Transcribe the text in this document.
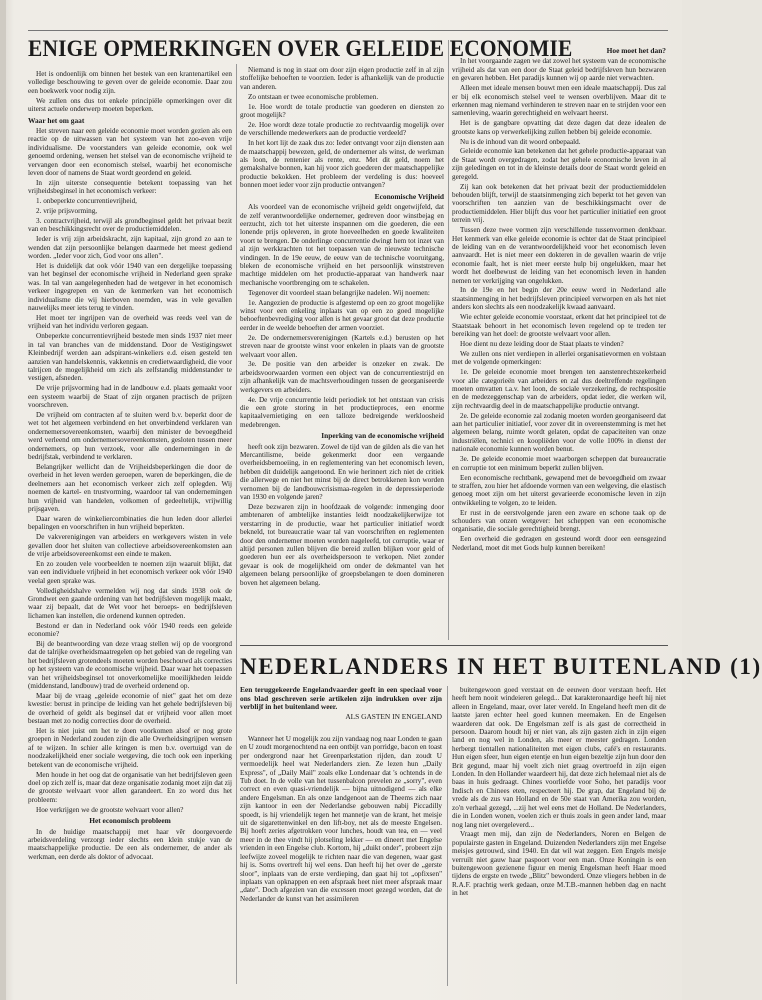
ENIGE OPMERKINGEN OVER GELEIDE ECONOMIE

Het is ondoenlijk om binnen het bestek van een krantenartikel een volledige beschouwing te geven over de geleide economie. Daar zou een boekwerk voor nodig zijn.

We zullen ons dus tot enkele principiële opmerkingen over dit uiterst actuele onderwerp moeten beperken.

Waar het om gaat

Het streven naar een geleide economie moet worden gezien als een reactie op de uitwassen van het systeem van het zoo-even vrije individualisme. De voorstanders van geleide economie, ook wel genoemd ordening, wensen het stelsel van de economische vrijheid te vervangen door een economisch stelsel, waarbij het economische leven door of namens de Staat wordt geordend en geleid.

In zijn uiterste consequentie betekent toepassing van het vrijheidsbeginsel in het economisch verkeer:

1. onbeperkte concurrentievrijheid,

2. vrije prijsvorming,

3. contractvrijheid, terwijl als grondbeginsel geldt het privaat bezit van en beschikkingsrecht over de productiemiddelen.

Ieder is vrij zijn arbeidskracht, zijn kapitaal, zijn grond zo aan te wenden dat zijn persoonlijke belangen daarmede het meest gediend worden. „Ieder voor zich, God voor ons allen".

Het is duidelijk dat ook vóór 1940 van een dergelijke toepassing van het beginsel der economische vrijheid in Nederland geen sprake was. In tal van aangelegenheden had de wetgever in het economisch verkeer ingegrepen en van de kenmerken van het economisch individualisme die wij hierboven noemden, was in vele gevallen nauwelijks meer iets terug te vinden.

Het moet ter ingrijpen van de overheid was reeds veel van de vrijheid van het individu verloren gegaan.

Onbeperkte concurrentievrijheid bestede men sinds 1937 niet meer in tal van branches van de middenstand. Door de Vestigingswet Kleinbedrijf werden aan adspirant-winkeliers e.d. eisen gesteld ten aanzien van handelskennis, vakkennis en credietwaardigheid, die voor talrijcen de mogelijkheid om zich als zelfstandig middenstander te vestigen, afsneden.

De vrije prijsvorming had in de landbouw e.d. plaats gemaakt voor een systeem waarbij de Staat of zijn organen practisch de prijzen voorschreven.

De vrijheid om contracten af te sluiten werd b.v. beperkt door de wet tot het algemeen verbindend en het onverbindend verklaren van ondernemersovereenkomsten, waarbij den minister de bevoegdheid werd verleend om ondernemersovereenkomsten, gesloten tussen meer ondernemers, op hun verzoek, voor alle ondernemingen in de bedrijfstak, verbindend te verklaren.

Belangrijker wellicht dan de Vrijheidsbeperkingen die door de overheid in het leven werden geroepen, waren de beperkingen, die de deelnemers aan het economisch verkeer zich zelf oplegden. Wij noemen de kartel- en trustvorming, waardoor tal van ondernemingen hun vrijheid van handelen, volkomen of gedeeltelijk, vrijwillig prijsgaven.

Daar waren de winkeliercombinaties die hun leden door allerlei bepalingen en voorschriften in hun vrijheid beperkten.

De vakverenigingen van arbeiders en werkgevers wisten in vele gevallen door het sluiten van collectieve arbeidsovereenkomsten aan de vrije arbeidsovereenkomst een einde te maken.

En zo zouden vele voorbeelden te noemen zijn waaruit blijkt, dat van een individuele vrijheid in het economisch verkeer ook vóór 1940 veelal geen sprake was.

Volledigheidshalve vermelden wij nog dat sinds 1938 ook de Grondwet een gaande ordening van het bedrijfsleven mogelijk maakt, waar zij bepaalt, dat de Wet voor het beroeps- en bedrijfsleven lichamen kan instellen, die ordenend kunnen optreden.

Bestond er dan in Nederland ook vóór 1940 reeds een geleide economie?

Bij de beantwoording van deze vraag stellen wij op de voorgrond dat de talrijke overheidsmaatregelen op het gebied van de regeling van het bedrijfsleven grotendeels moeten worden beschouwd als correcties op het systeem van de economische vrijheid. Daar waar het toepassen van het vrijheidsbeginsel tot onoverkomelijke moeilijkheden leidde (middenstand, landbouw) trad de overheid ordenend op.

Maar bij de vraag „geleide economie of niet" gaat het om deze kwestie: berust in principe de leiding van het gehele bedrijfsleven bij de overheid of geldt als beginsel dat er vrijheid voor allen moet bestaan met zo nodig correcties door de overheid.

Het is niet juist om het te doen voorkomen alsof er nog grote groepen in Nederland zouden zijn die alle Overheidsingrijpen wensen af te wijzen. In schier alle kringen is men b.v. overtuigd van de noodzakelijkheid ener sociale wetgeving, die toch ook een inperking betekent van de economische vrijheid.

Men houde in het oog dat de organisatie van het bedrijfsleven geen doel op zich zelf is, maar dat deze organisatie zodanig moet zijn dat zij de grootste welvaart voor allen garandeert. En zo word dus het probleem:

Hoe verkrijgen we de grootste welvaart voor allen?

Het economisch probleem

In de huidige maatschappij met haar vêr doorgevoerde arbeidsverdeling verzorgt ieder slechts een klein stukje van de maatschappelijke productie. De een als ondernemer, de ander als werkman, een derde als doktor of advocaat.

Niemand is nog in staat om door zijn eigen productie zelf in al zijn stoffelijke behoeften te voorzien. Ieder is afhankelijk van de productie van anderen.

Zo ontstaan er twee economische problemen.

1e. Hoe wordt de totale productie van goederen en diensten zo groot mogelijk?

2e. Hoe wordt deze totale productie zo rechtvaardig mogelijk over de verschillende medewerkers aan de productie verdeeld?

In het kort lijt de zaak dus zo: Ieder ontvangt voor zijn diensten aan de maatschappij bewezen, geld, de ondernemer als winst, de werkman als loon, de rentenier als rente, enz. Met dit geld, noem het gemakshalve bonnen, kan hij voor zich goederen der maatschappelijke productie bekokken. Het probleem der verdeling is dus: hoeveel bonnen moet ieder voor zijn productie ontvangen?

Economische Vrijheid

Als voordeel van de economische vrijheid geldt ongetwijfeld, dat de zelf verantwoordelijke ondernemer, gedreven door winstbejag en eerzucht, zich tot het uiterste inspannen om die goederen, die een lonende prijs opleveren, in grote hoeveelheden en goede kwaliteiten voort te brengen. De onderlinge concurrentie dwingt hem tot inzet van al zijn werkkrachten tot het toepassen van de nieuwste technische vindingen. In de 19e eeuw, de eeuw van de technische vooruitgang, bleken de economische vrijheid en het persoonlijk winststreven machtige middelen om het productie-apparaat van handwerk naar mechanische voortbrenging om te schakelen.

Tegenover dit voordeel staan belangrijke nadelen. Wij noemen:

1e. Aangezien de productie is afgestemd op een zo groot mogelijke winst voor een enkeling inplaats van op een zo goed mogelijke behoeftenbevrediging voor allen is het gevaar groot dat deze productie eerder in de weelde behoeften der armen voorziet.

2e. De ondernemersverenigingen (Kartels e.d.) berusten op het streven naar de grootste winst voor enkelen in plaats van de grootste welvaart voor allen.

3e. De positie van den arbeider is onzeker en zwak. De arbeidsvoorwaarden vormen een object van de concurrentiestrijd en zijn afhankelijk van de machtsverhoudingen tussen de georganiseerde werkgevers en arbeiders.

4e. De vrije concurrentie leidt periodiek tot het ontstaan van crisis die een grote storing in het productieproces, een enorme kapitaalvernietiging en een talloze bedreigende werkloosheid medebrengen.

Inperking van de economische vrijheid

heeft ook zijn bezwaren. Zowel de tijd van de gilden als die van het Mercantilisme, beide gekenmerkt door een vergaande overheidsbemoeiing, in en reglementering van het economisch leven, hebben dit duidelijk aangetoond. En wie herinnert zich niet de critiek die allerwege en niet het minst bij de direct betrokkenen kon worden vernomen bij de landbouwcrisismaa-regelen in de depressieperiode van 1930 en volgende jaren?

Deze bezwaren zijn in hoofdzaak de volgende: inmenging door ambtenaren of ambtelijke instanties leidt noodzakelijkerwijze tot verstarring in de productie, waar het particulier initiatief wordt bekneld, tot bureaucratie waar tal van voorschriften en reglementen door den ondernemer moeten worden nageleefd, tot corruptie, waar er altijd personen zullen blijven die bereid zullen blijken voor geld of goederen hun eer als overheidspersoon te verkopen. Niet zonder gevaar is ook de mogelijkheid om onder de dekmantel van het algemeen belang persoonlijke of groepsbelangen te doen domineren boven het algemeen belang.

Hoe moet het dan?

In het voorgaande zagen we dat zowel het systeem van de economische vrijheid als dat van een door de Staat geleid bedrijfsleven hun bezwaren en gevaren hebben. Het paradijs kunnen wij op aarde niet verwachten.

Alleen met ideale mensen bouwt men een ideale maatschappij. Dus zal er bij elk economisch stelsel veel te wensen overblijven. Maar dit te erkennen mag niemand verhinderen te streven naar en te strijden voor een samenleving, waarin gerechtigheid en welvaart heerst.

Het is de gangbare opvatting dat deze dagen dat deze idealen de grootste kans op verwerkelijking zullen hebben bij geleide economie.

Nu is de inhoud van dit woord onbepaald.

Geleide economie kan betekenen dat het gehele productie-apparaat van de Staat wordt overgedragen, zodat het gehele economische leven in al zijn geledingen en tot in de kleinste details door de Staat wordt geleid en geregeld.

Zij kan ook betekenen dat het privaat bezit der productiemiddelen behouden blijft, terwijl de staatsinmenging zich beperkt tot het geven van voorschriften ten aanzien van de beschikkingsmacht over de productiemiddelen. Hier blijft dus voor het particulier initiatief een groot terrein vrij.

Tussen deze twee vormen zijn verschillende tussenvormen denkbaar. Het kenmerk van elke geleide economie is echter dat de Staat principieel de leiding van en de verantwoordelijkheid voor het economisch leven aanvaardt. Het is niet meer een dokteren in de gevallen waarin de vrije economie faalt, het is niet meer eerste hulp bij ongelukken, maar het wordt het doelbewust de leiding van het economisch leven in handen nemen ter verkrijging van ongelukken.

In de 19e en het begin der 20e eeuw werd in Nederland alle staatsinmenging in het bedrijfsleven principieel verworpen en als het niet anders kon slechts als een noodzakelijk kwaad aanvaard.

Wie echter geleide economie voorstaat, erkent dat het principieel tot de Staatstaak behoort in het economisch leven regelend op te treden ter bereiking van het doel: de grootste welvaart voor allen.

Hoe dient nu deze leiding door de Staat plaats te vinden?

We zullen ons niet verdiepen in allerlei organisatievormen en volstaan met de volgende opmerkingen:

1e. De geleide economie moet brengen ten aanstenrechtszekerheid voor alle categorieën van arbeiders en zal dus deeltreffende regelingen moeten omvatten t.a.v. het loon, de sociale verzekering, de rechtspositie en de medezeggenschap van de arbeiders, opdat ieder, die werken wil, zijn rechtvaardig deel in de maatschappelijke productie ontvangt.

2e. De geleide economie zal zodanig moeten worden georganiseerd dat aan het particulier initiatief, voor zover dit in overeenstemming is met het algemeen belang, ruimte wordt gelaten, opdat de capaciteiten van onze industriëlen, technici en koopliëden voor de volle 100% in dienst der nationale economie kunnen worden benut.

3e. De geleide economie moet waarborgen scheppen dat bureaucratie en corruptie tot een minimum beperkt zullen blijven.

Een economische rechtbank, gewapend met de bevoegdheid om zwaar te straffen, zou hier het afdoende vormen van een welgeving, die elastisch genoeg moet zijn om het uiterst gevarieerde economische leven in zijn ontwikkeling te volgen, zo te leiden.

Er rust in de eerstvolgende jaren een zware en schone taak op de schouders van onzen wetgever: het scheppen van een economische organisatie, die sociale gerechtigheid brengt.

Een overheid die gedragen en gesteund wordt door een eensgezind Nederland, moet dit met Gods hulp kunnen bereiken!

NEDERLANDERS IN HET BUITENLAND (1)
Een teruggekeerde Engelandvaarder geeft in een speciaal voor ons blad geschreven serie artikelen zijn indrukken over zijn verblijf in het buitenland weer.
ALS GASTEN IN ENGELAND

Wanneer het U mogelijk zou zijn vandaag nog naar Londen te gaan en U zoudt morgenochtend na een ontbijt van porridge, bacon en toast per ondergrond naar het Greenparkstation rijden, dan zoudt U vermoedelijk heel wat Nederlanders zien. Ze lezen hun „Daily Express", of „Daily Mail" zoals elke Londenaar dat 's ochtends in de Tub doet. In de volle van het tussenbalcon prevelen ze „sorry", even correct en even quasi-vriendelijk — bijna uitnodigend — als elke andere Engelsman. En als onze landgenoot aan de Theems zich naar zijn kantoor in een der Nederlandse gebouwen nabij Piccadilly spoedt, is hij vriendelijk tegen het mannetje van de krant, het meisje uit de sigarettenwinkel en den lift-boy, net als de meeste Engelsen. Bij hoeft zeries afgetrokken voor lunches, houdt van tea, en — veel meer in de thee vindt hij plotseling lekker — en dineert met Engelse vrienden in een Engelse club. Kortom, hij „duikt onder", probeert zijn leefwijze zoveel mogelijk te richten naar die van degenen, waar gast hij is. Soms overtreft hij wel eens. Dan heeft hij het over de „gerste sloor", inplaats van de erste verdieping, dan gaat hij tot „opfixsen" inplaats van opknappen en een afspraak heet niet meer afspraak maar „date". Doch afgezien van die excessen moet gezegd worden, dat de Nederlander de kunst van het assimileren

buitengewoon goed verstaat en de eeuwen door verstaan heeft. Het heeft hem nooit windeieren gelegd... Dat karakteronaardige heeft hij niet alleen in Engeland, maar, over later vereld. In Engeland heeft men dit de laatste jaren echter heel goed kunnen meemaken. En de Engelsen waarderen dat ook. De Engelsman zelf is als gast de correctheid in persoon. Daarom houdt hij er niet van, als zijn gasten zich in zijn eigen land en nog wel in Londen, als meer er meester gedragen. Londen herbergt tientallen nationaliteiten met eigen clubs, café's en restaurants. Hun eigen sfeer, hun eigen etentje en hun eigen bezeltje zijn hun door den Brit gegund, maar hij voelt zich niet graag overtroefd in zijn eigen Londen. In den Hollander waardeert hij, dat deze zich helemaal niet als de baas in huis gedraagt. Chines voorliefde voor Soho, het paradijs voor Indisch en Chinees eten, respecteert hij. De grap, dat Engeland bij de vrede als de zus van Holland en de 50e staat van Amerika zou worden, zo'n verhaal gezegd, ...zij het wel eens met de Holland. De Nederlanders, die in Londen wonen, voelen zich er thuis zoals in geen ander land, maar nog lang niet overgeleverd...

Vraagt men mij, dan zijn de Nederlanders, Noren en Belgen de populairste gasten in Engeland. Duizenden Nederlanders zijn met Engelse meisjes getrouwd, sind 1940. En dat wil wat zeggen. Een Engels meisje verruilt niet gauw haar paspoort voor een man. Onze Koningin is een buitengewoon gezienene figuur en menig Engelsman heeft Haar moed tijdens de ergste en twede „Blitz" bewonderd. Onze vliegers hebben in de R.A.F. prachtig werk gedaan, onze M.T.B.-mannen hebben dag en nacht in het
